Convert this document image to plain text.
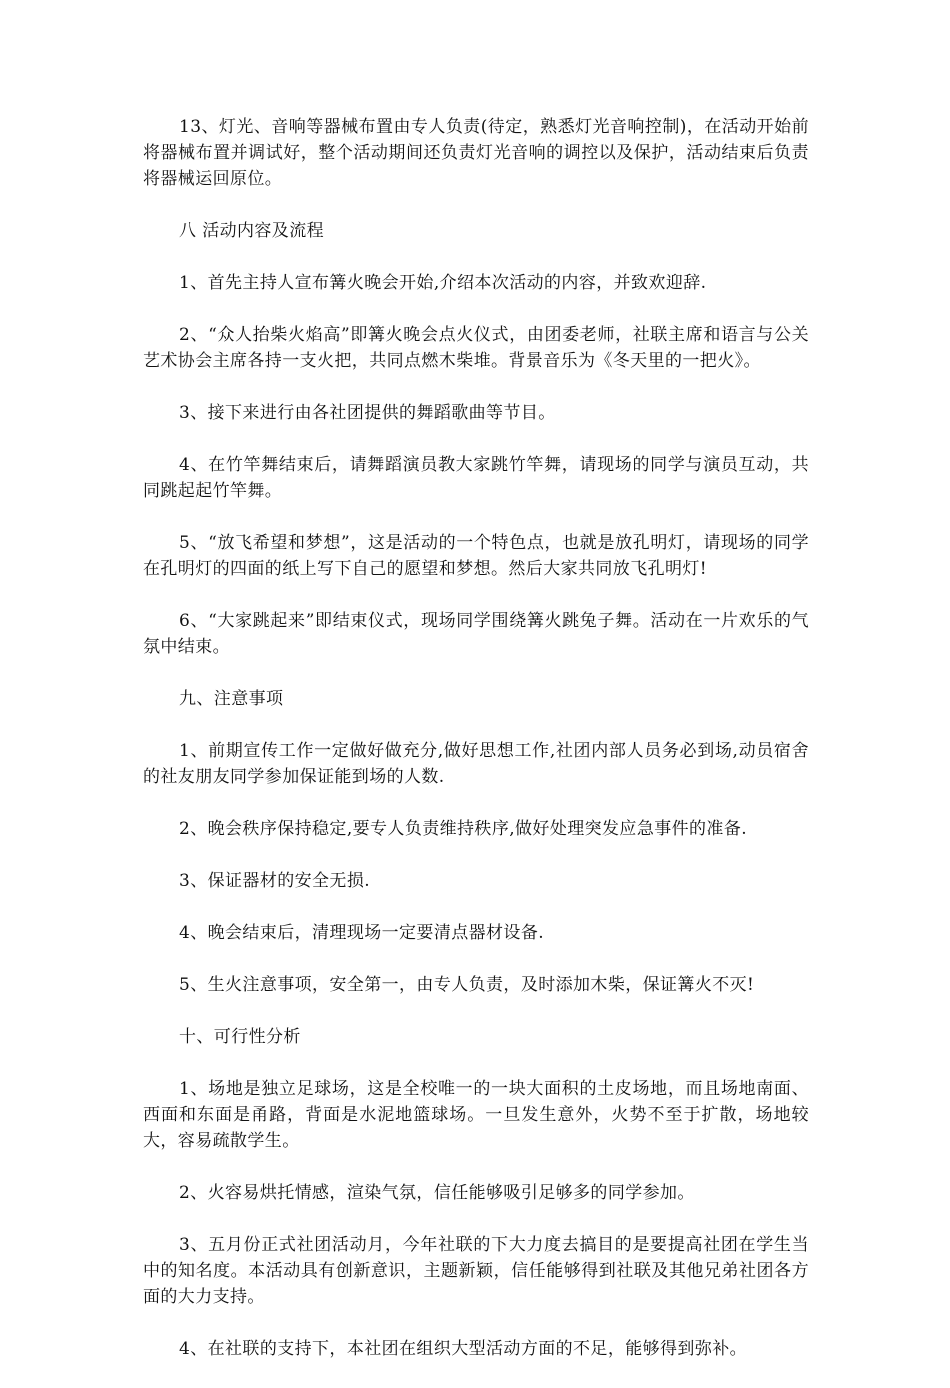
13、灯光、音响等器械布置由专人负责(待定，熟悉灯光音响控制)，在活动开始前将器械布置并调试好，整个活动期间还负责灯光音响的调控以及保护，活动结束后负责将器械运回原位。

八 活动内容及流程

1、首先主持人宣布篝火晚会开始,介绍本次活动的内容，并致欢迎辞.

2、“众人抬柴火焰高”即篝火晚会点火仪式，由团委老师，社联主席和语言与公关艺术协会主席各持一支火把，共同点燃木柴堆。背景音乐为《冬天里的一把火》。

3、接下来进行由各社团提供的舞蹈歌曲等节目。

4、在竹竿舞结束后，请舞蹈演员教大家跳竹竿舞，请现场的同学与演员互动，共同跳起起竹竿舞。

5、“放飞希望和梦想”，这是活动的一个特色点，也就是放孔明灯，请现场的同学在孔明灯的四面的纸上写下自己的愿望和梦想。然后大家共同放飞孔明灯!

6、“大家跳起来”即结束仪式，现场同学围绕篝火跳兔子舞。活动在一片欢乐的气氛中结束。

九、注意事项

1、前期宣传工作一定做好做充分,做好思想工作,社团内部人员务必到场,动员宿舍的社友朋友同学参加保证能到场的人数.

2、晚会秩序保持稳定,要专人负责维持秩序,做好处理突发应急事件的准备.

3、保证器材的安全无损.

4、晚会结束后，清理现场一定要清点器材设备.

5、生火注意事项，安全第一，由专人负责，及时添加木柴，保证篝火不灭!

十、可行性分析

1、场地是独立足球场，这是全校唯一的一块大面积的土皮场地，而且场地南面、西面和东面是甬路，背面是水泥地篮球场。一旦发生意外，火势不至于扩散，场地较大，容易疏散学生。

2、火容易烘托情感，渲染气氛，信任能够吸引足够多的同学参加。

3、五月份正式社团活动月，今年社联的下大力度去搞目的是要提高社团在学生当中的知名度。本活动具有创新意识，主题新颖，信任能够得到社联及其他兄弟社团各方面的大力支持。

4、在社联的支持下，本社团在组织大型活动方面的不足，能够得到弥补。
